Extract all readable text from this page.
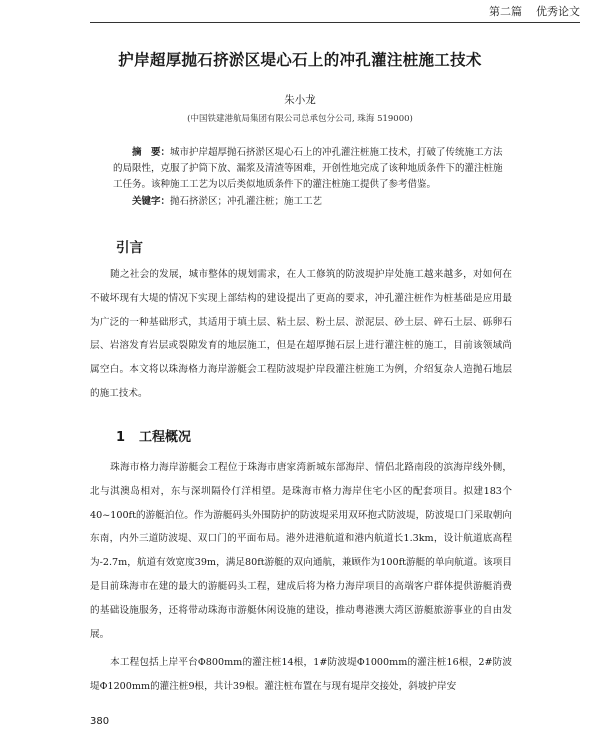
第二篇 优秀论文
护岸超厚抛石挤淤区堤心石上的冲孔灌注桩施工技术
朱小龙
(中国铁建港航局集团有限公司总承包分公司, 珠海 519000)

摘　要：城市护岸超厚抛石挤淤区堤心石上的冲孔灌注桩施工技术，打破了传统施工方法的局限性，克服了护筒下放、漏浆及清渣等困难，开创性地完成了该种地质条件下的灌注桩施工任务。该种施工工艺为以后类似地质条件下的灌注桩施工提供了参考借鉴。

关键字：抛石挤淤区；冲孔灌注桩；施工工艺

引言

随之社会的发展，城市整体的规划需求，在人工修筑的防波堤护岸处施工越来越多，对如何在不破坏现有大堤的情况下实现上部结构的建设提出了更高的要求，冲孔灌注桩作为桩基础是应用最为广泛的一种基础形式，其适用于填土层、粘土层、粉土层、淤泥层、砂土层、碎石土层、砾卵石层、岩溶发育岩层或裂隙发育的地层施工，但是在超厚抛石层上进行灌注桩的施工，目前该领域尚属空白。本文将以珠海格力海岸游艇会工程防波堤护岸段灌注桩施工为例，介绍复杂人造抛石地层的施工技术。

1 工程概况

珠海市格力海岸游艇会工程位于珠海市唐家湾新城东部海岸、情侣北路南段的滨海岸线外侧，北与淇澳岛相对，东与深圳隔伶仃洋相望。是珠海市格力海岸住宅小区的配套项目。拟建183个40~100ft的游艇泊位。作为游艇码头外围防护的防波堤采用双环抱式防波堤，防波堤口门采取朝向东南，内外三道防波堤、双口门的平面布局。港外进港航道和港内航道长1.3km，设计航道底高程为-2.7m，航道有效宽度39m，满足80ft游艇的双向通航，兼顾作为100ft游艇的单向航道。该项目是目前珠海市在建的最大的游艇码头工程，建成后将为格力海岸项目的高端客户群体提供游艇消费的基础设施服务，还将带动珠海市游艇休闲设施的建设，推动粤港澳大湾区游艇旅游事业的自由发展。

本工程包括上岸平台Φ800mm的灌注桩14根，1#防波堤Φ1000mm的灌注桩16根，2#防波堤Φ1200mm的灌注桩9根，共计39根。灌注桩布置在与现有堤岸交接处，斜坡护岸安

380
